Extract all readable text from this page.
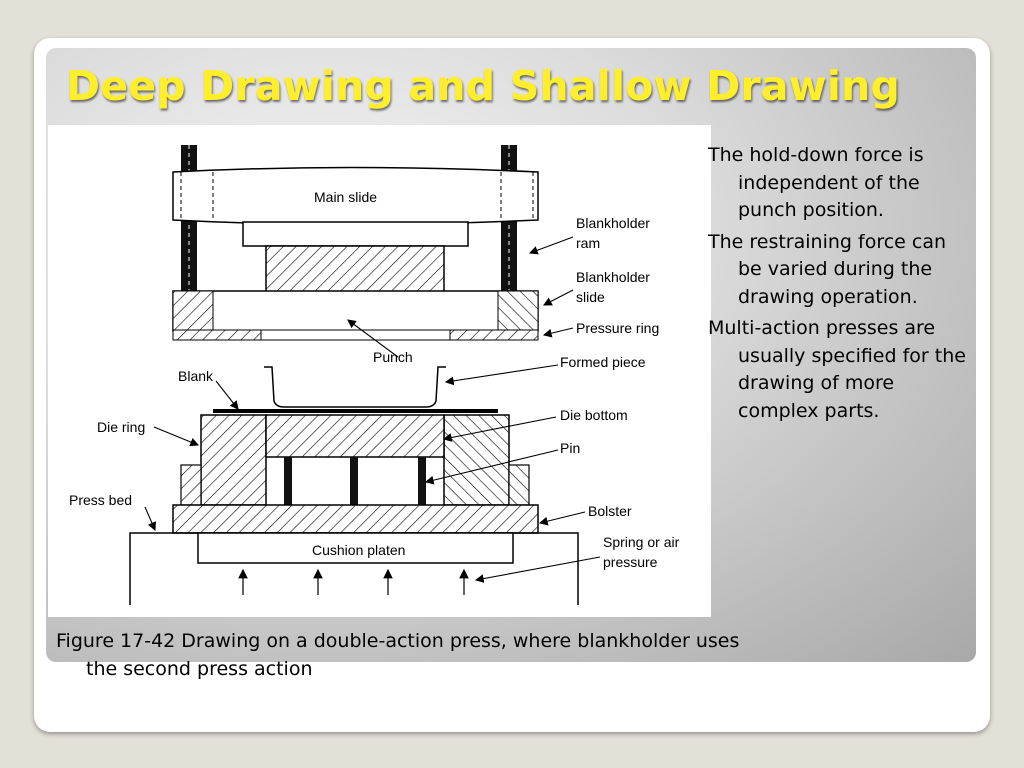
Deep Drawing and Shallow Drawing
Main slide
Cushion platen
Blankholder
ram
Blankholder
slide
Pressure ring
Formed piece
Die bottom
Pin
Bolster
Spring or air
pressure
Punch
Blank
Die ring
Press bed
The hold-down force is independent of the punch position.
The restraining force can be varied during the drawing operation.
Multi-action presses are usually specified for the drawing of more complex parts.

Figure 17-42 Drawing on a double-action press, where blankholder uses the second press action
